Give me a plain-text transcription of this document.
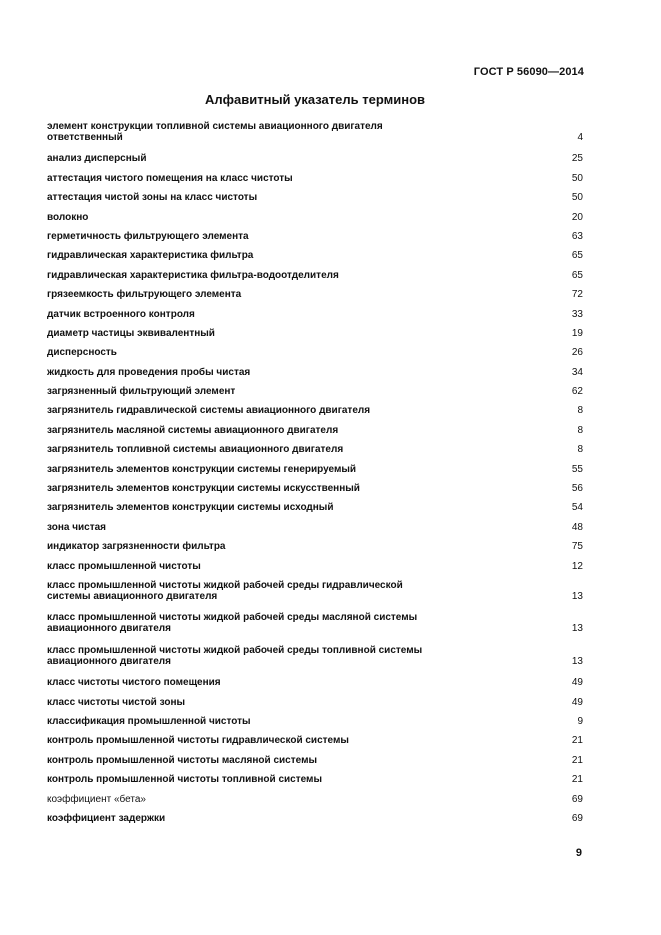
ГОСТ Р 56090—2014
Алфавитный указатель терминов
элемент конструкции топливной системы авиационного двигателя ответственный	4
анализ дисперсный	25
аттестация чистого помещения на класс чистоты	50
аттестация чистой зоны на класс чистоты	50
волокно	20
герметичность фильтрующего элемента	63
гидравлическая характеристика фильтра	65
гидравлическая характеристика фильтра-водоотделителя	65
грязеемкость фильтрующего элемента	72
датчик встроенного контроля	33
диаметр частицы эквивалентный	19
дисперсность	26
жидкость для проведения пробы чистая	34
загрязненный фильтрующий элемент	62
загрязнитель гидравлической системы авиационного двигателя	8
загрязнитель масляной системы авиационного двигателя	8
загрязнитель топливной системы авиационного двигателя	8
загрязнитель элементов конструкции системы генерируемый	55
загрязнитель элементов конструкции системы искусственный	56
загрязнитель элементов конструкции системы исходный	54
зона чистая	48
индикатор загрязненности фильтра	75
класс промышленной чистоты	12
класс промышленной чистоты жидкой рабочей среды гидравлической системы авиационного двигателя	13
класс промышленной чистоты жидкой рабочей среды масляной системы авиационного двигателя	13
класс промышленной чистоты жидкой рабочей среды топливной системы авиационного двигателя	13
класс чистоты чистого помещения	49
класс чистоты чистой зоны	49
классификация промышленной чистоты	9
контроль промышленной чистоты гидравлической системы	21
контроль промышленной чистоты масляной системы	21
контроль промышленной чистоты топливной системы	21
коэффициент «бета»	69
коэффициент задержки	69
9
